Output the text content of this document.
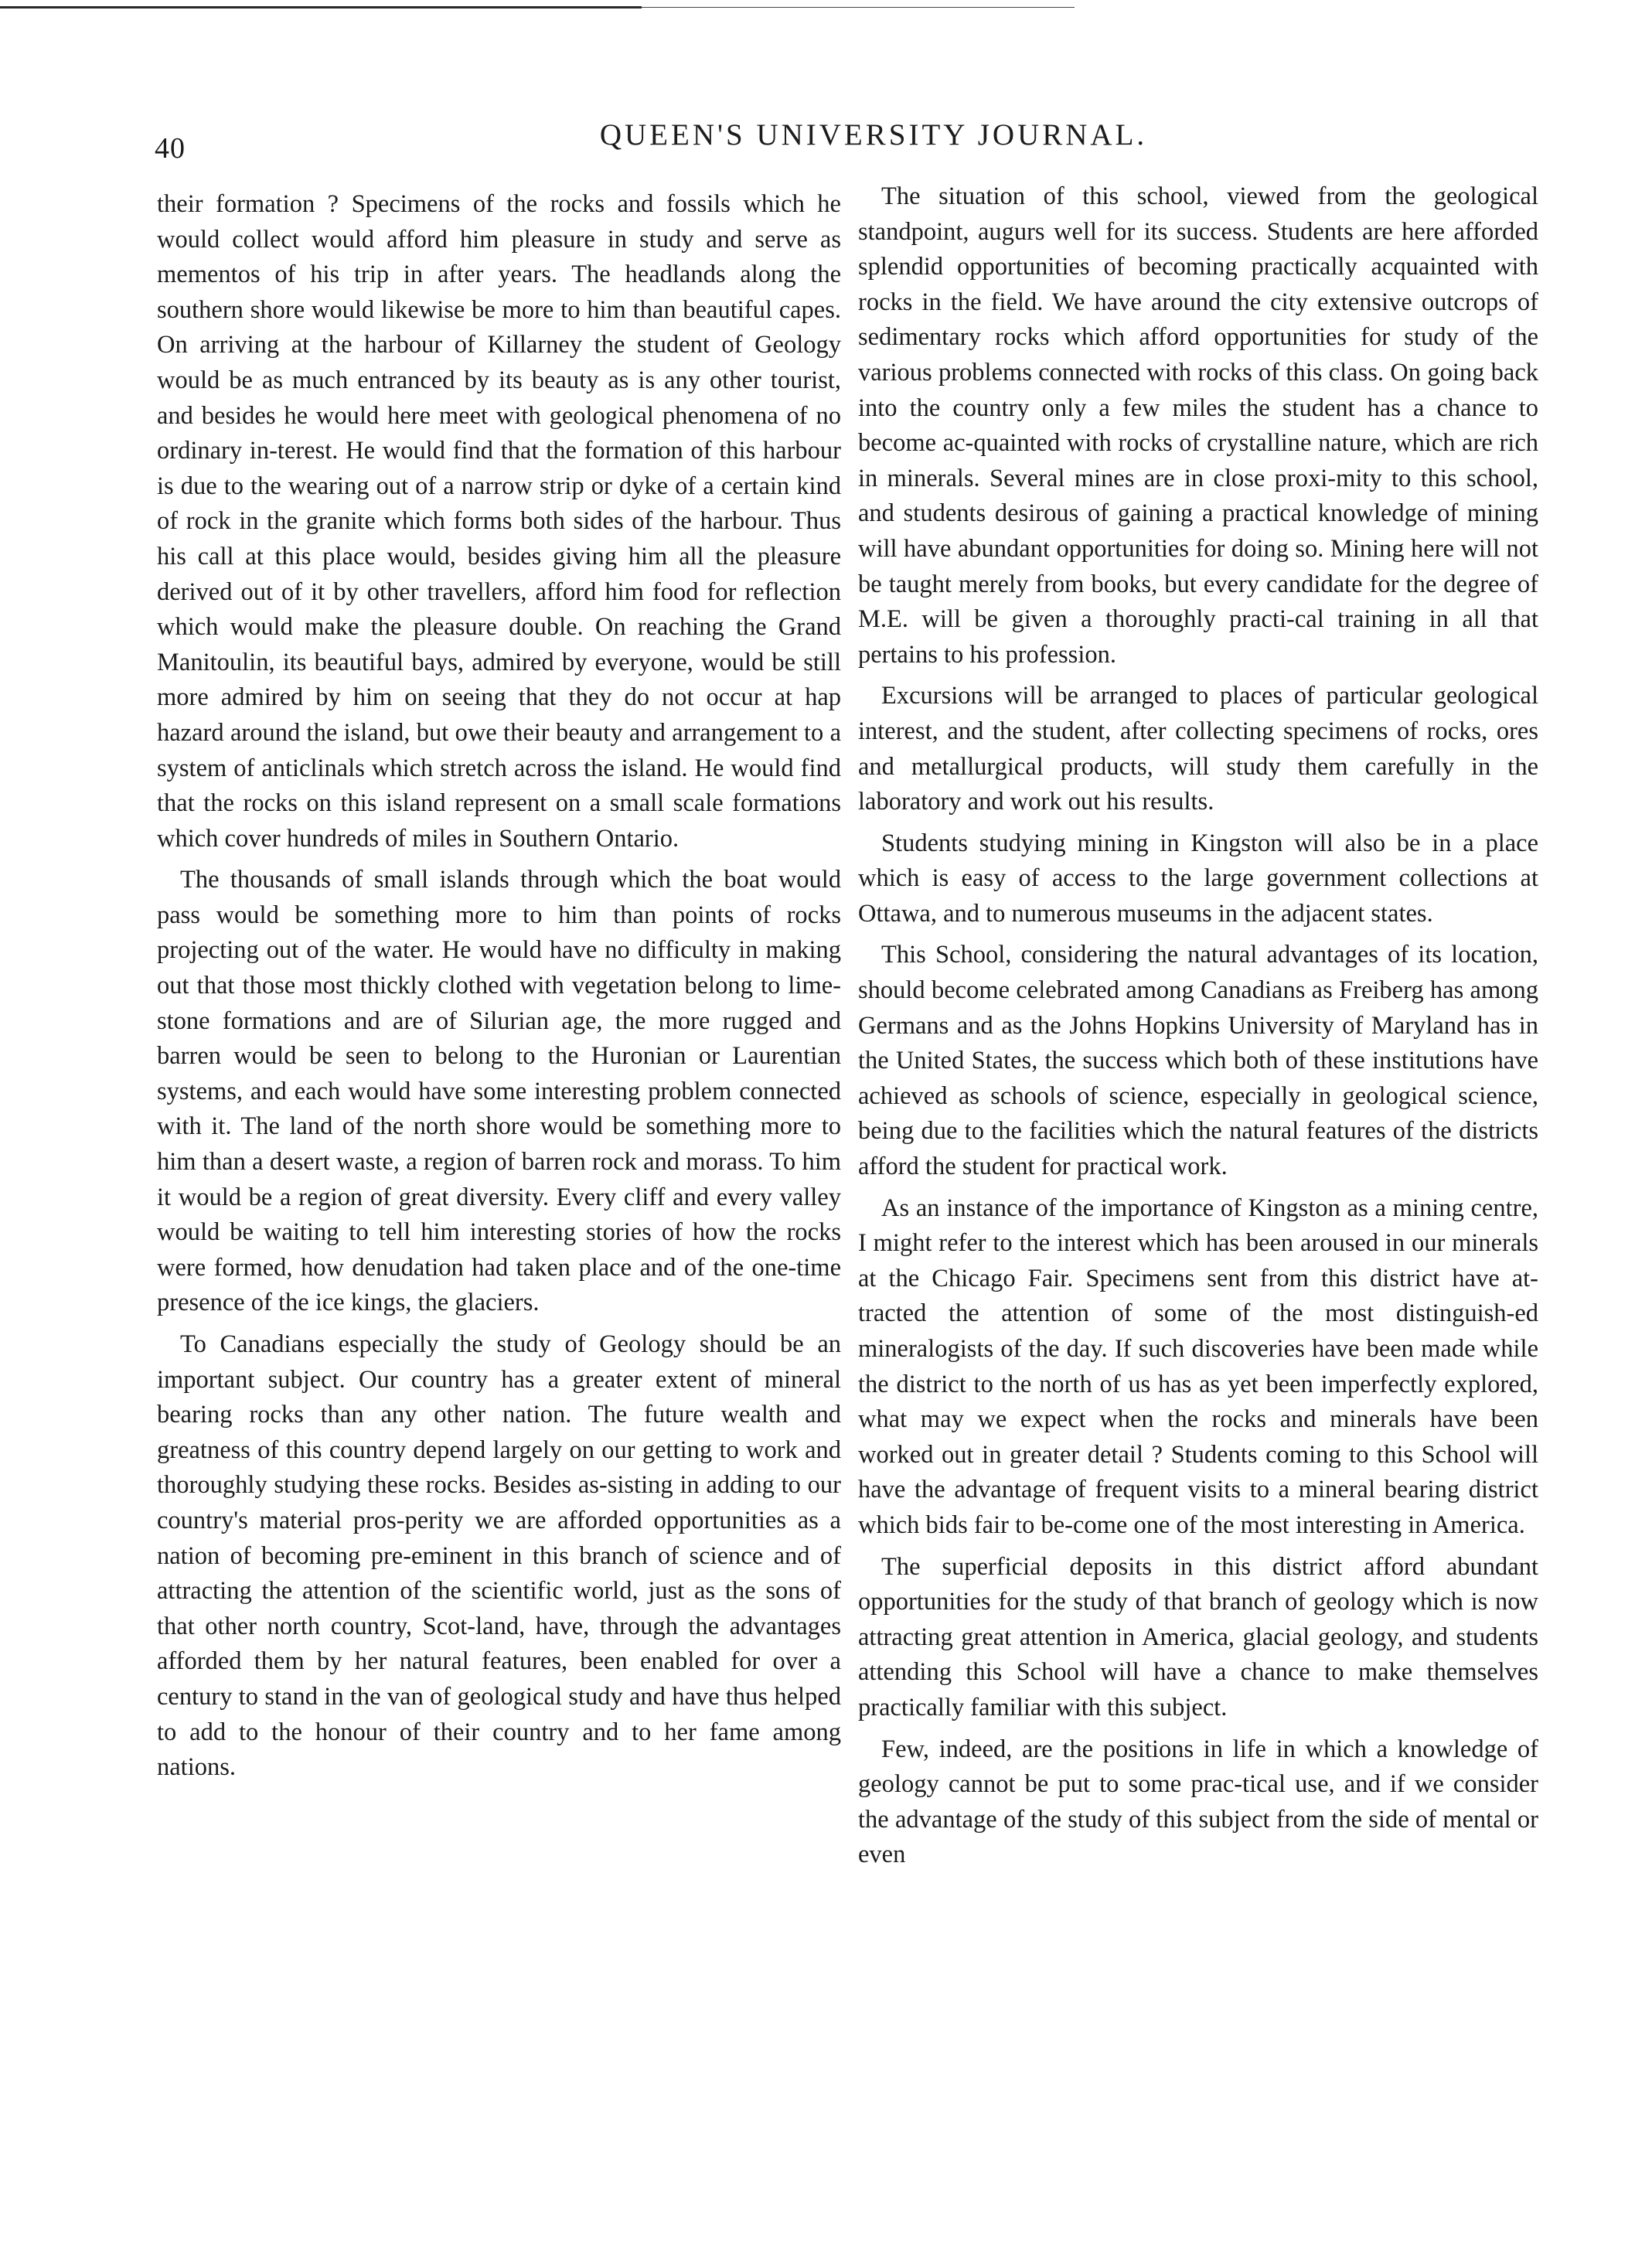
40	QUEEN'S UNIVERSITY JOURNAL.

their formation ? Specimens of the rocks and fossils which he would collect would afford him pleasure in study and serve as mementos of his trip in after years. The headlands along the southern shore would likewise be more to him than beautiful capes. On arriving at the harbour of Killarney the student of Geology would be as much entranced by its beauty as is any other tourist, and besides he would here meet with geological phenomena of no ordinary in-terest. He would find that the formation of this harbour is due to the wearing out of a narrow strip or dyke of a certain kind of rock in the granite which forms both sides of the harbour. Thus his call at this place would, besides giving him all the pleasure derived out of it by other travellers, afford him food for reflection which would make the pleasure double. On reaching the Grand Manitoulin, its beautiful bays, admired by everyone, would be still more admired by him on seeing that they do not occur at hap hazard around the island, but owe their beauty and arrangement to a system of anticlinals which stretch across the island. He would find that the rocks on this island represent on a small scale formations which cover hundreds of miles in Southern Ontario.

The thousands of small islands through which the boat would pass would be something more to him than points of rocks projecting out of the water. He would have no difficulty in making out that those most thickly clothed with vegetation belong to lime-stone formations and are of Silurian age, the more rugged and barren would be seen to belong to the Huronian or Laurentian systems, and each would have some interesting problem connected with it. The land of the north shore would be something more to him than a desert waste, a region of barren rock and morass. To him it would be a region of great diversity. Every cliff and every valley would be waiting to tell him interesting stories of how the rocks were formed, how denudation had taken place and of the one-time presence of the ice kings, the glaciers.

To Canadians especially the study of Geology should be an important subject. Our country has a greater extent of mineral bearing rocks than any other nation. The future wealth and greatness of this country depend largely on our getting to work and thoroughly studying these rocks. Besides as-sisting in adding to our country's material pros-perity we are afforded opportunities as a nation of becoming pre-eminent in this branch of science and of attracting the attention of the scientific world, just as the sons of that other north country, Scot-land, have, through the advantages afforded them by her natural features, been enabled for over a century to stand in the van of geological study and have thus helped to add to the honour of their country and to her fame among nations.

The situation of this school, viewed from the geological standpoint, augurs well for its success. Students are here afforded splendid opportunities of becoming practically acquainted with rocks in the field. We have around the city extensive outcrops of sedimentary rocks which afford opportunities for study of the various problems connected with rocks of this class. On going back into the country only a few miles the student has a chance to become ac-quainted with rocks of crystalline nature, which are rich in minerals. Several mines are in close proxi-mity to this school, and students desirous of gaining a practical knowledge of mining will have abundant opportunities for doing so. Mining here will not be taught merely from books, but every candidate for the degree of M.E. will be given a thoroughly practi-cal training in all that pertains to his profession.

Excursions will be arranged to places of particular geological interest, and the student, after collecting specimens of rocks, ores and metallurgical products, will study them carefully in the laboratory and work out his results.

Students studying mining in Kingston will also be in a place which is easy of access to the large government collections at Ottawa, and to numerous museums in the adjacent states.

This School, considering the natural advantages of its location, should become celebrated among Canadians as Freiberg has among Germans and as the Johns Hopkins University of Maryland has in the United States, the success which both of these institutions have achieved as schools of science, especially in geological science, being due to the facilities which the natural features of the districts afford the student for practical work.

As an instance of the importance of Kingston as a mining centre, I might refer to the interest which has been aroused in our minerals at the Chicago Fair. Specimens sent from this district have at-tracted the attention of some of the most distinguish-ed mineralogists of the day. If such discoveries have been made while the district to the north of us has as yet been imperfectly explored, what may we expect when the rocks and minerals have been worked out in greater detail ? Students coming to this School will have the advantage of frequent visits to a mineral bearing district which bids fair to be-come one of the most interesting in America.

The superficial deposits in this district afford abundant opportunities for the study of that branch of geology which is now attracting great attention in America, glacial geology, and students attending this School will have a chance to make themselves practically familiar with this subject.

Few, indeed, are the positions in life in which a knowledge of geology cannot be put to some prac-tical use, and if we consider the advantage of the study of this subject from the side of mental or even
